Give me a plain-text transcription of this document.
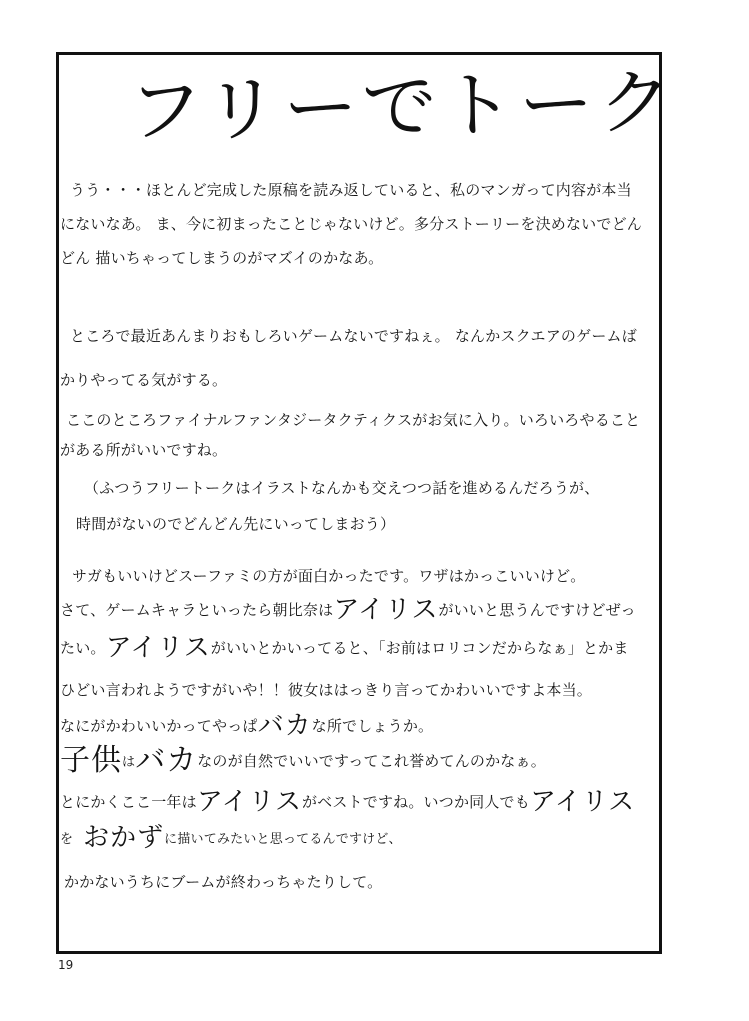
フリーでトーク
うう・・・ほとんど完成した原稿を読み返していると、私のマンガって内容が本当
にないなあ。 ま、今に初まったことじゃないけど。多分ストーリーを決めないでどん
どん 描いちゃってしまうのがマズイのかなあ。
ところで最近あんまりおもしろいゲームないですねぇ。 なんかスクエアのゲームば
かりやってる気がする。
ここのところファイナルファンタジータクティクスがお気に入り。いろいろやること
がある所がいいですね。
（ふつうフリートークはイラストなんかも交えつつ話を進めるんだろうが、
時間がないのでどんどん先にいってしまおう）
サガもいいけどスーファミの方が面白かったです。ワザはかっこいいけど。
さて、ゲームキャラといったら朝比奈はアイリスがいいと思うんですけどぜっ
たい。アイリスがいいとかいってると、「お前はロリコンだからなぁ」とかま
ひどい言われようですがいや！！彼女ははっきり言ってかわいいですよ本当。
なにがかわいいかってやっぱバカな所でしょうか。
子供はバカなのが自然でいいですってこれ誉めてんのかなぁ。
とにかくここ一年はアイリスがベストですね。いつか同人でもアイリス
を おかずに描いてみたいと思ってるんですけど、
かかないうちにブームが終わっちゃたりして。
19
